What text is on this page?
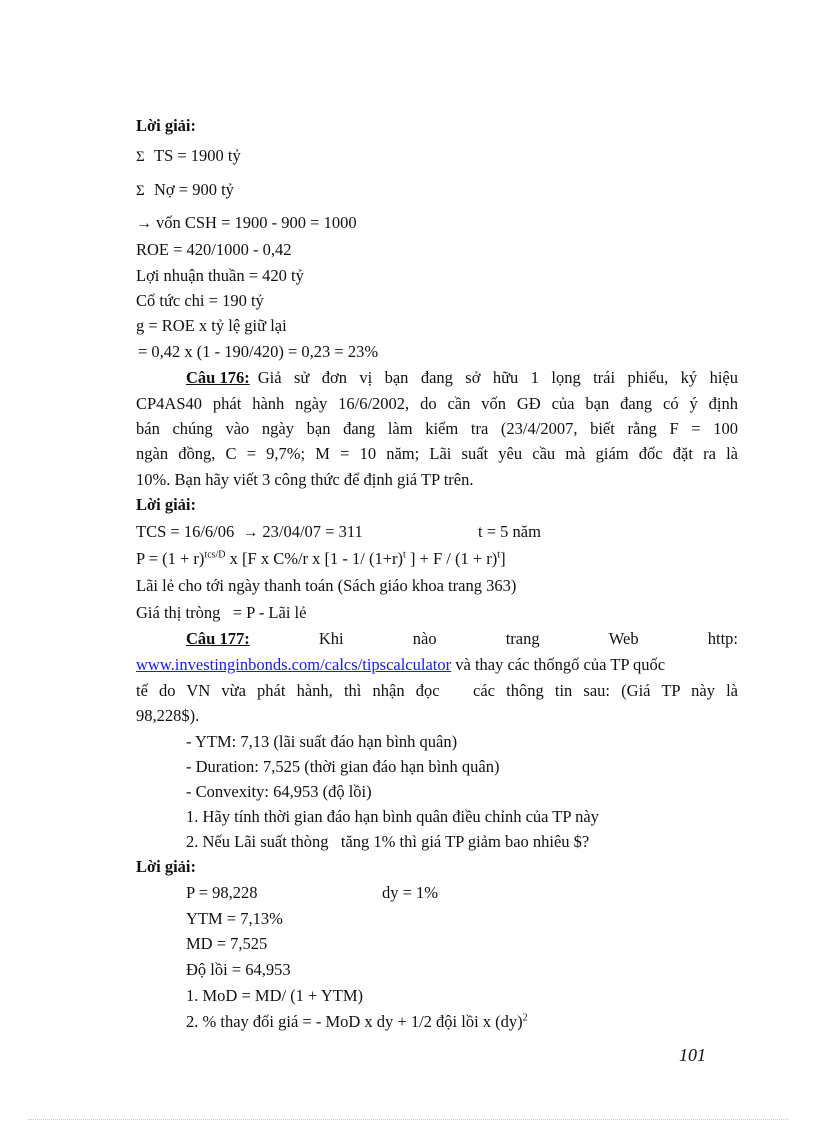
Lời giải:
Σ TS = 1900 tỷ
Σ Nợ = 900 tỷ
→ vốn CSH = 1900 - 900 = 1000
ROE = 420/1000 - 0,42
Lợi nhuận thuần = 420 tỷ
Cổ tức chi = 190 tỷ
g = ROE x tỷ lệ giữ lại
= 0,42 x (1 - 190/420) = 0,23 = 23%
Câu 176: Giả sử đơn vị bạn đang sở hữu 1 lọng trái phiếu, ký hiệu
CP4AS40 phát hành ngày 16/6/2002, do cần vốn GĐ của bạn đang có ý định
bán chúng vào ngày bạn đang làm kiểm tra (23/4/2007, biết rằng F = 100
ngàn đồng, C = 9,7%; M = 10 năm; Lãi suất yêu cầu mà giám đốc đặt ra là
10%. Bạn hãy viết 3 công thức để định giá TP trên.
Lời giải:
TCS = 16/6/06 → 23/04/07 = 311	t = 5 năm
$P = (1 + r)^{tcs/D}$ x [F x C%/r x [1 - 1/ $(1+r)^t$ ] + $F / (1 + r)^t$]
Lãi lẻ cho tới ngày thanh toán (Sách giáo khoa trang 363)
Giá thị tròng   = P - Lãi lẻ
Câu 177:	Khi	nào	trang	Web	http:
www.investinginbonds.com/calcs/tipscalculator và thay các thốngố của TP quốc
tế do VN vừa phát hành, thì nhận đọc   các thông tin sau: (Giá TP này là
98,228$).
- YTM: 7,13 (lãi suất đáo hạn bình quân)
- Duration: 7,525 (thời gian đáo hạn bình quân)
- Convexity: 64,953 (độ lồi)
1. Hãy tính thời gian đáo hạn bình quân điều chỉnh của TP này
2. Nếu Lãi suất thòng   tăng 1% thì giá TP giảm bao nhiêu $?
Lời giải:
P = 98,228	dy = 1%
YTM = 7,13%
MD = 7,525
Độ lồi = 64,953
1. MoD = MD/ (1 + YTM)
2. % thay đổi giá = - MoD x dy + 1/2 đội lồi x (dy)$^2$
101
